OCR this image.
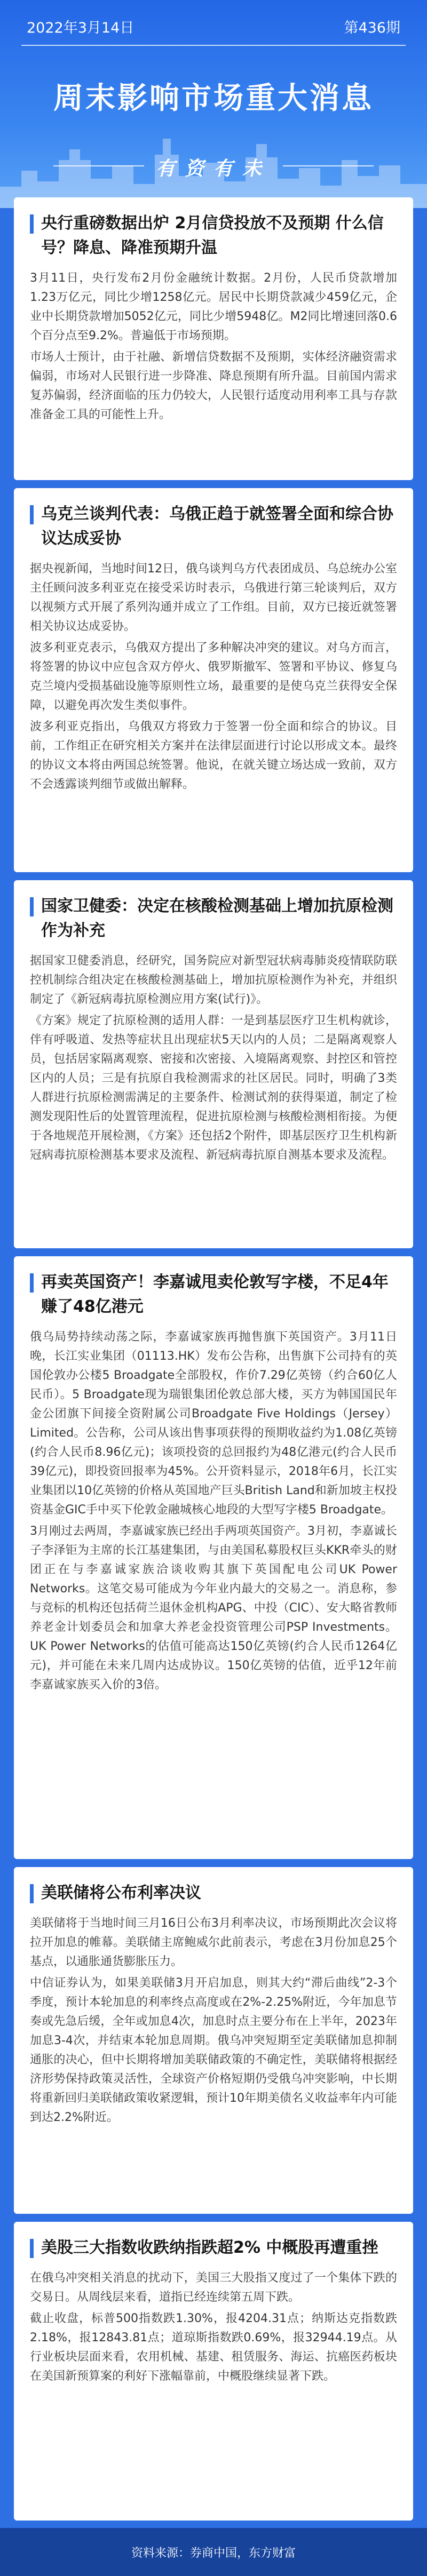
2022年3月14日	第436期
周末影响市场重大消息
有资有未
央行重磅数据出炉 2月信贷投放不及预期 什么信号？降息、降准预期升温

3月11日，央行发布2月份金融统计数据。2月份，人民币贷款增加1.23万亿元，同比少增1258亿元。居民中长期贷款减少459亿元，企业中长期贷款增加5052亿元，同比少增5948亿。M2同比增速回落0.6个百分点至9.2%。普遍低于市场预期。

市场人士预计，由于社融、新增信贷数据不及预期，实体经济融资需求偏弱，市场对人民银行进一步降准、降息预期有所升温。目前国内需求复苏偏弱，经济面临的压力仍较大，人民银行适度动用利率工具与存款准备金工具的可能性上升。

乌克兰谈判代表：乌俄正趋于就签署全面和综合协议达成妥协

据央视新闻，当地时间12日，俄乌谈判乌方代表团成员、乌总统办公室主任顾问波多利亚克在接受采访时表示，乌俄进行第三轮谈判后，双方以视频方式开展了系列沟通并成立了工作组。目前，双方已接近就签署相关协议达成妥协。

波多利亚克表示，乌俄双方提出了多种解决冲突的建议。对乌方而言，将签署的协议中应包含双方停火、俄罗斯撤军、签署和平协议、修复乌克兰境内受损基础设施等原则性立场，最重要的是使乌克兰获得安全保障，以避免再次发生类似事件。

波多利亚克指出，乌俄双方将致力于签署一份全面和综合的协议。目前，工作组正在研究相关方案并在法律层面进行讨论以形成文本。最终的协议文本将由两国总统签署。他说，在就关键立场达成一致前，双方不会透露谈判细节或做出解释。

国家卫健委：决定在核酸检测基础上增加抗原检测作为补充

据国家卫健委消息，经研究，国务院应对新型冠状病毒肺炎疫情联防联控机制综合组决定在核酸检测基础上，增加抗原检测作为补充，并组织制定了《新冠病毒抗原检测应用方案(试行)》。

《方案》规定了抗原检测的适用人群：一是到基层医疗卫生机构就诊，伴有呼吸道、发热等症状且出现症状5天以内的人员；二是隔离观察人员，包括居家隔离观察、密接和次密接、入境隔离观察、封控区和管控区内的人员；三是有抗原自我检测需求的社区居民。同时，明确了3类人群进行抗原检测需满足的主要条件、检测试剂的获得渠道，制定了检测发现阳性后的处置管理流程，促进抗原检测与核酸检测相衔接。为便于各地规范开展检测，《方案》还包括2个附件，即基层医疗卫生机构新冠病毒抗原检测基本要求及流程、新冠病毒抗原自测基本要求及流程。

再卖英国资产！李嘉诚甩卖伦敦写字楼，不足4年赚了48亿港元

俄乌局势持续动荡之际，李嘉诚家族再抛售旗下英国资产。3月11日晚，长江实业集团（01113.HK）发布公告称，出售旗下公司持有的英国伦敦办公楼5 Broadgate全部股权，作价7.29亿英镑（约合60亿人民币）。5 Broadgate现为瑞银集团伦敦总部大楼，买方为韩国国民年金公团旗下间接全资附属公司Broadgate Five Holdings（Jersey）Limited。公告称，公司从该出售事项获得的预期收益约为1.08亿英镑(约合人民币8.96亿元)；该项投资的总回报约为48亿港元(约合人民币39亿元)，即投资回报率为45%。公开资料显示，2018年6月，长江实业集团以10亿英镑的价格从英国地产巨头British Land和新加坡主权投资基金GIC手中买下伦敦金融城核心地段的大型写字楼5 Broadgate。

3月刚过去两周，李嘉诚家族已经出手两项英国资产。3月初，李嘉诚长子李泽钜为主席的长江基建集团，与由美国私募股权巨头KKR牵头的财团正在与李嘉诚家族洽谈收购其旗下英国配电公司UK Power Networks。这笔交易可能成为今年业内最大的交易之一。消息称，参与竞标的机构还包括荷兰退休金机构APG、中投（CIC）、安大略省教师养老金计划委员会和加拿大养老金投资管理公司PSP Investments。UK Power Networks的估值可能高达150亿英镑(约合人民币1264亿元)，并可能在未来几周内达成协议。150亿英镑的估值，近乎12年前李嘉诚家族买入价的3倍。

美联储将公布利率决议

美联储将于当地时间三月16日公布3月利率决议，市场预期此次会议将拉开加息的帷幕。美联储主席鲍威尔此前表示，考虑在3月份加息25个基点，以通胀通货膨胀压力。

中信证券认为，如果美联储3月开启加息，则其大约“滞后曲线”2-3个季度，预计本轮加息的利率终点高度或在2%-2.25%附近，今年加息节奏或先急后缓，全年或加息4次，加息时点主要分布在上半年，2023年加息3-4次，并结束本轮加息周期。俄乌冲突短期至定美联储加息抑制通胀的决心，但中长期将增加美联储政策的不确定性，美联储将根据经济形势保持政策灵活性，全球资产价格短期仍受俄乌冲突影响，中长期将重新回归美联储政策收紧逻辑，预计10年期美债名义收益率年内可能到达2.2%附近。

美股三大指数收跌纳指跌超2% 中概股再遭重挫

在俄乌冲突相关消息的扰动下，美国三大股指又度过了一个集体下跌的交易日。从周线层来看，道指已经连续第五周下跌。

截止收盘，标普500指数跌1.30%，报4204.31点；纳斯达克指数跌2.18%，报12843.81点；道琼斯指数跌0.69%，报32944.19点。从行业板块层面来看，农用机械、基建、租赁服务、海运、抗癌医药板块在美国新预算案的利好下涨幅靠前，中概股继续显著下跌。

资料来源：券商中国，东方财富
